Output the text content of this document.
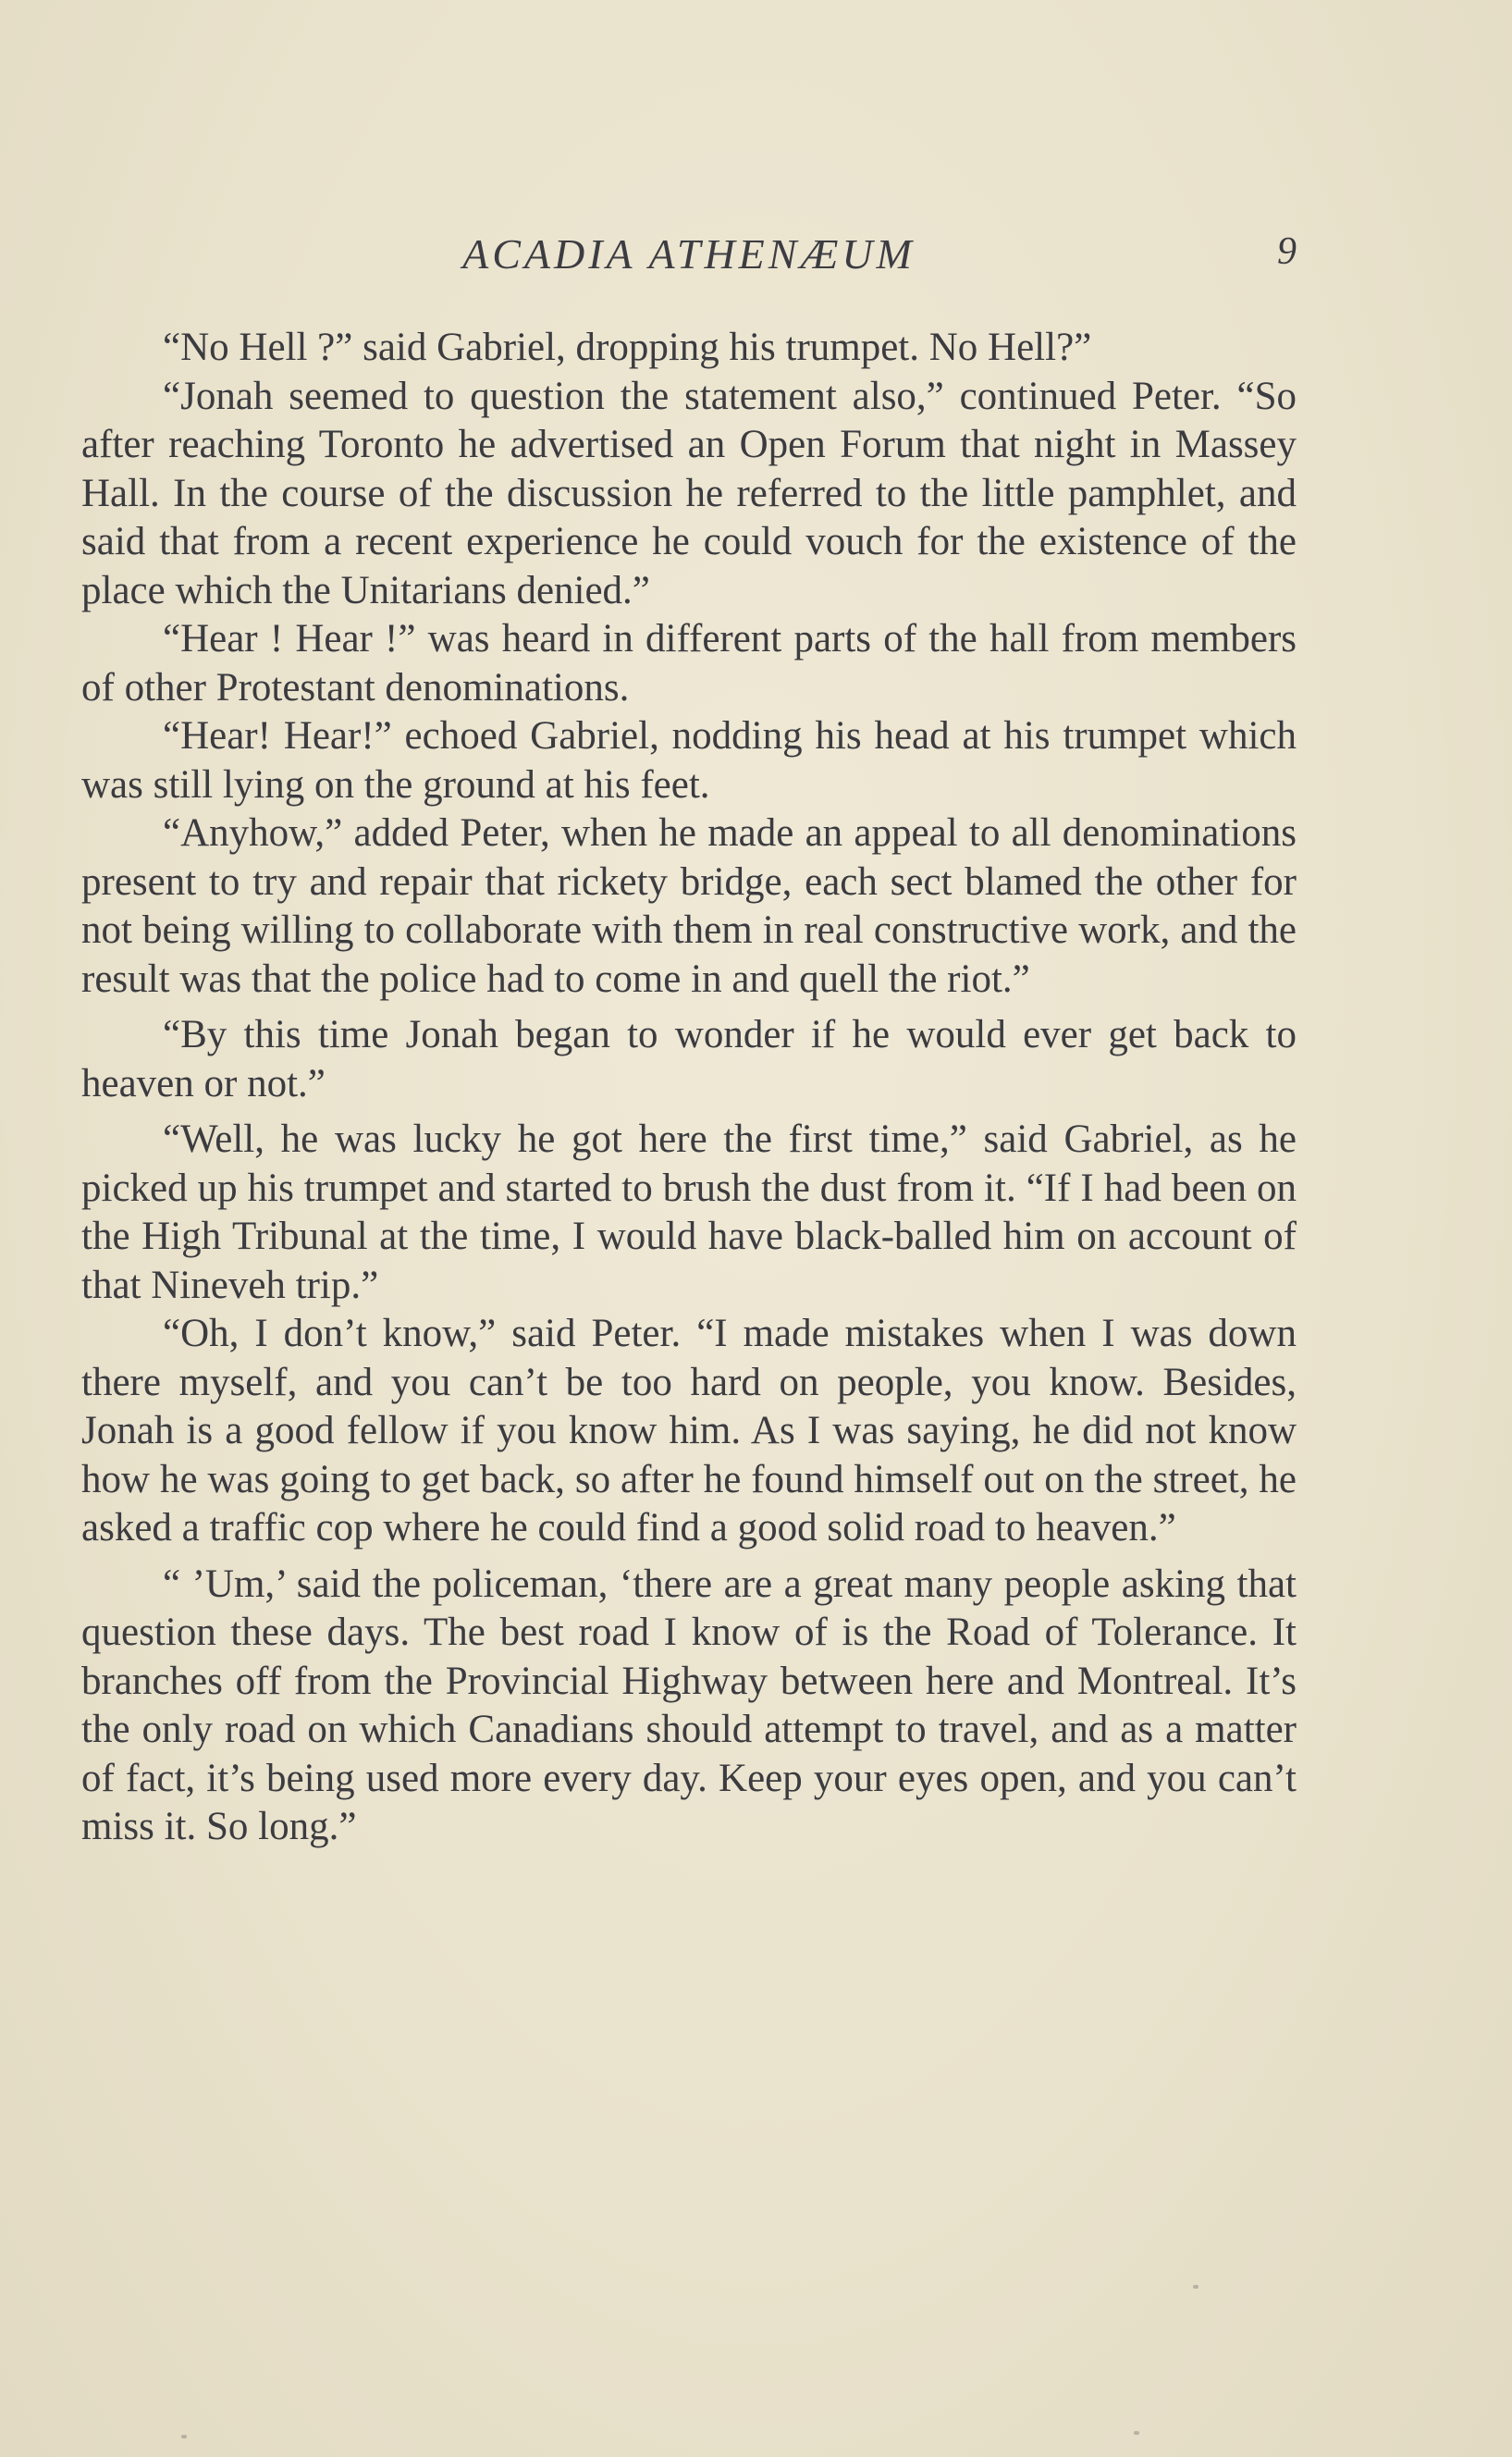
ACADIA ATHENÆUM	9

“No Hell ?” said Gabriel, dropping his trumpet. No Hell?”

“Jonah seemed to question the statement also,” continued Peter. “So after reaching Toronto he advertised an Open Forum that night in Massey Hall. In the course of the discussion he referred to the little pamphlet, and said that from a recent experience he could vouch for the existence of the place which the Unitarians denied.”

“Hear ! Hear !” was heard in different parts of the hall from members of other Protestant denominations.

“Hear! Hear!” echoed Gabriel, nodding his head at his trumpet which was still lying on the ground at his feet.

“Anyhow,” added Peter, when he made an appeal to all denominations present to try and repair that rickety bridge, each sect blamed the other for not being willing to collaborate with them in real constructive work, and the result was that the police had to come in and quell the riot.”

“By this time Jonah began to wonder if he would ever get back to heaven or not.”

“Well, he was lucky he got here the first time,” said Gabriel, as he picked up his trumpet and started to brush the dust from it. “If I had been on the High Tribunal at the time, I would have black-balled him on account of that Nineveh trip.”

“Oh, I don’t know,” said Peter. “I made mistakes when I was down there myself, and you can’t be too hard on people, you know. Besides, Jonah is a good fellow if you know him. As I was saying, he did not know how he was going to get back, so after he found himself out on the street, he asked a traffic cop where he could find a good solid road to heaven.”

“ ’Um,’ said the policeman, ‘there are a great many people asking that question these days. The best road I know of is the Road of Tolerance. It branches off from the Provincial Highway between here and Montreal. It’s the only road on which Canadians should attempt to travel, and as a matter of fact, it’s being used more every day. Keep your eyes open, and you can’t miss it. So long.”
